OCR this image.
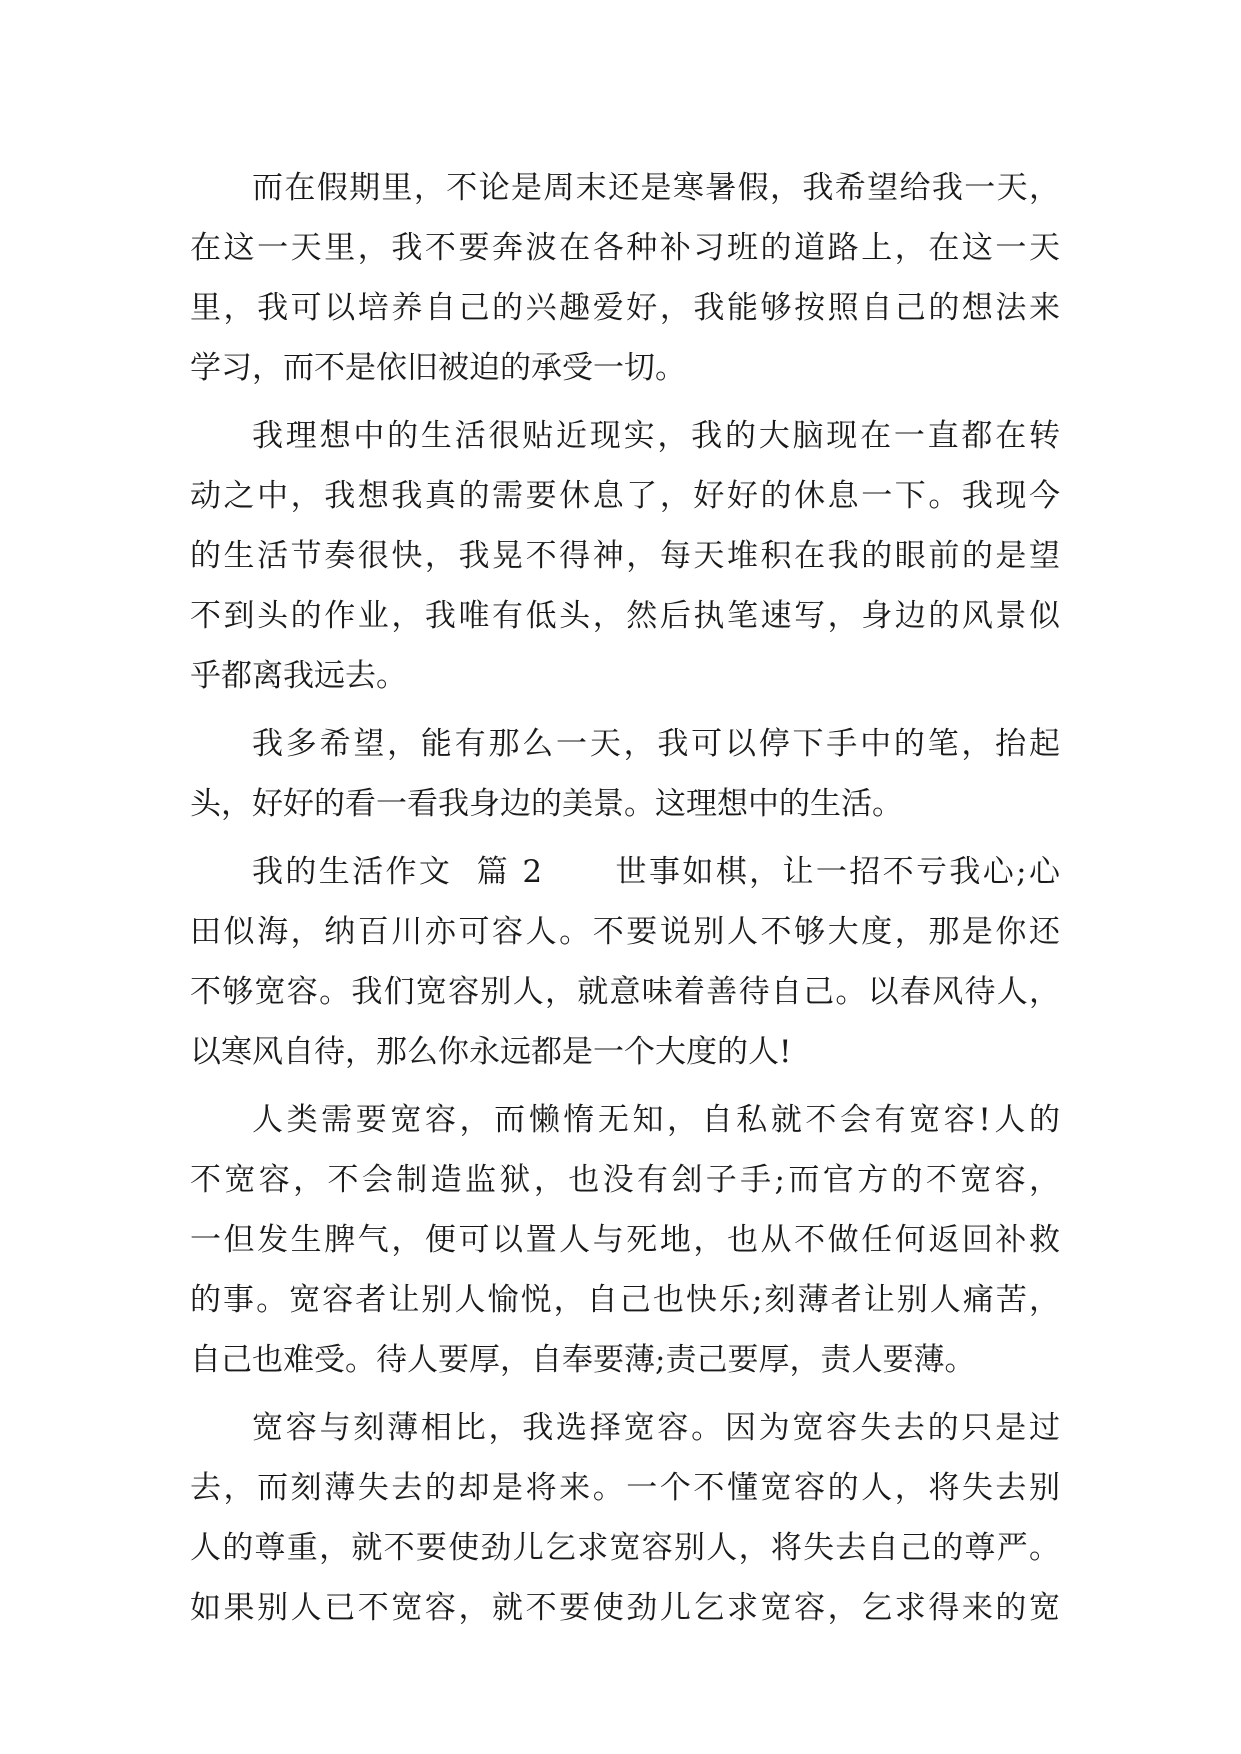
而在假期里，不论是周末还是寒暑假，我希望给我一天，
在这一天里，我不要奔波在各种补习班的道路上，在这一天
里，我可以培养自己的兴趣爱好，我能够按照自己的想法来
学习，而不是依旧被迫的承受一切。
我理想中的生活很贴近现实，我的大脑现在一直都在转
动之中，我想我真的需要休息了，好好的休息一下。我现今
的生活节奏很快，我晃不得神，每天堆积在我的眼前的是望
不到头的作业，我唯有低头，然后执笔速写，身边的风景似
乎都离我远去。
我多希望，能有那么一天，我可以停下手中的笔，抬起
头，好好的看一看我身边的美景。这理想中的生活。
我的生活作文  篇 2      世事如棋，让一招不亏我心;心
田似海，纳百川亦可容人。不要说别人不够大度，那是你还
不够宽容。我们宽容别人，就意味着善待自己。以春风待人，
以寒风自待，那么你永远都是一个大度的人!
人类需要宽容，而懒惰无知，自私就不会有宽容!人的
不宽容，不会制造监狱，也没有刽子手;而官方的不宽容，
一但发生脾气，便可以置人与死地，也从不做任何返回补救
的事。宽容者让别人愉悦，自己也快乐;刻薄者让别人痛苦，
自己也难受。待人要厚，自奉要薄;责己要厚，责人要薄。
宽容与刻薄相比，我选择宽容。因为宽容失去的只是过
去，而刻薄失去的却是将来。一个不懂宽容的人，将失去别
人的尊重，就不要使劲儿乞求宽容别人，将失去自己的尊严。
如果别人已不宽容，就不要使劲儿乞求宽容，乞求得来的宽
